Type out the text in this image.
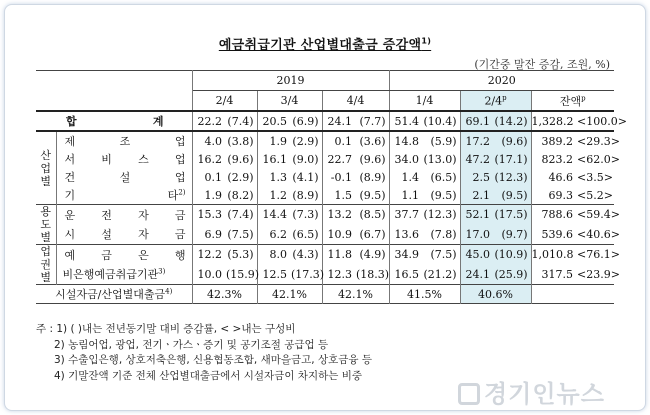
예금취급기관 산업별대출금 증감액$^{1)}$
(기간중 말잔 증감, 조원, %)
		2019						2020					
		2/4		3/4		4/4		1/4		2/4$^p$		잔액$^p$

합 계		22.2	(7.4)	20.5	(6.9)	24.1	(7.7)	51.4	(10.4)	69.1	(14.2)	1,328.2	<100.0>
산
업
별	제 조 업	4.0	(3.8)	1.9	(2.9)	0.1	(3.6)	14.8	(5.9)	17.2	(9.6)	389.2	<29.3>

	서 비 스 업	16.2	(9.6)	16.1	(9.0)	22.7	(9.6)	34.0	(13.0)	47.2	(17.1)	823.2	<62.0>

	건 설 업	0.1	(2.9)	1.3	(4.1)	-0.1	(8.9)	1.4	(6.5)	2.5	(12.3)	46.6	<3.5>

	기 타$^{2)}$	1.9	(8.2)	1.2	(8.9)	1.5	(9.5)	1.1	(9.5)	2.1	(9.5)	69.3	<5.2>
용
도
별	운 전 자 금	15.3	(7.4)	14.4	(7.3)	13.2	(8.5)	37.7	(12.3)	52.1	(17.5)	788.6	<59.4>

	시 설 자 금	6.9	(7.5)	6.2	(6.5)	10.9	(6.7)	13.6	(7.8)	17.0	(9.7)	539.6	<40.6>
업
권
별	예 금 은 행	12.2	(5.3)	8.0	(4.3)	11.8	(4.9)	34.9	(7.5)	45.0	(10.9)	1,010.8	<76.1>
	비은행예금취급기관$^{3)}$	10.0	(15.9)	12.5	(17.3)	12.3	(18.3)	16.5	(21.2)	24.1	(25.9)	317.5	<23.9>
시설자금/산업별대출금$^{4)}$		42.3%		42.1%		42.1%		41.5%		40.6%			
주 : 1) ( )내는 전년동기말 대비 증감률, < >내는 구성비
2) 농림어업, 광업, 전기ㆍ가스ㆍ증기 및 공기조절 공급업 등
3) 수출입은행, 상호저축은행, 신용협동조합, 새마을금고, 상호금융 등
4) 기말잔액 기준 전체 산업별대출금에서 시설자금이 차지하는 비중
경기인뉴스
